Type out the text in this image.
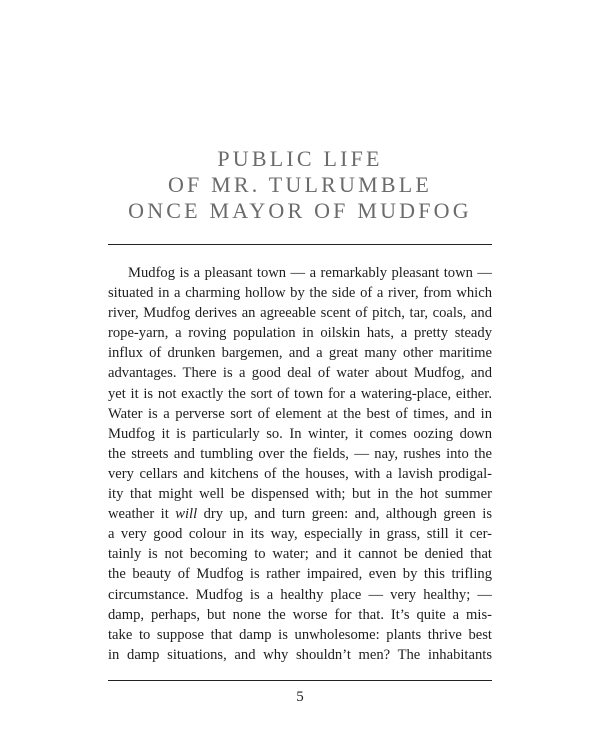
PUBLIC LIFE
OF MR. TULRUMBLE
ONCE MAYOR OF MUDFOG
Mudfog is a pleasant town — a remarkably pleasant town —
situated in a charming hollow by the side of a river, from which
river, Mudfog derives an agreeable scent of pitch, tar, coals, and
rope-yarn, a roving population in oilskin hats, a pretty steady
influx of drunken bargemen, and a great many other maritime
advantages. There is a good deal of water about Mudfog, and
yet it is not exactly the sort of town for a watering-place, either.
Water is a perverse sort of element at the best of times, and in
Mudfog it is particularly so. In winter, it comes oozing down
the streets and tumbling over the fields, — nay, rushes into the
very cellars and kitchens of the houses, with a lavish prodigal-
ity that might well be dispensed with; but in the hot summer
weather it will dry up, and turn green: and, although green is
a very good colour in its way, especially in grass, still it cer-
tainly is not becoming to water; and it cannot be denied that
the beauty of Mudfog is rather impaired, even by this trifling
circumstance. Mudfog is a healthy place — very healthy; —
damp, perhaps, but none the worse for that. It’s quite a mis-
take to suppose that damp is unwholesome: plants thrive best
in damp situations, and why shouldn’t men? The inhabitants
5
